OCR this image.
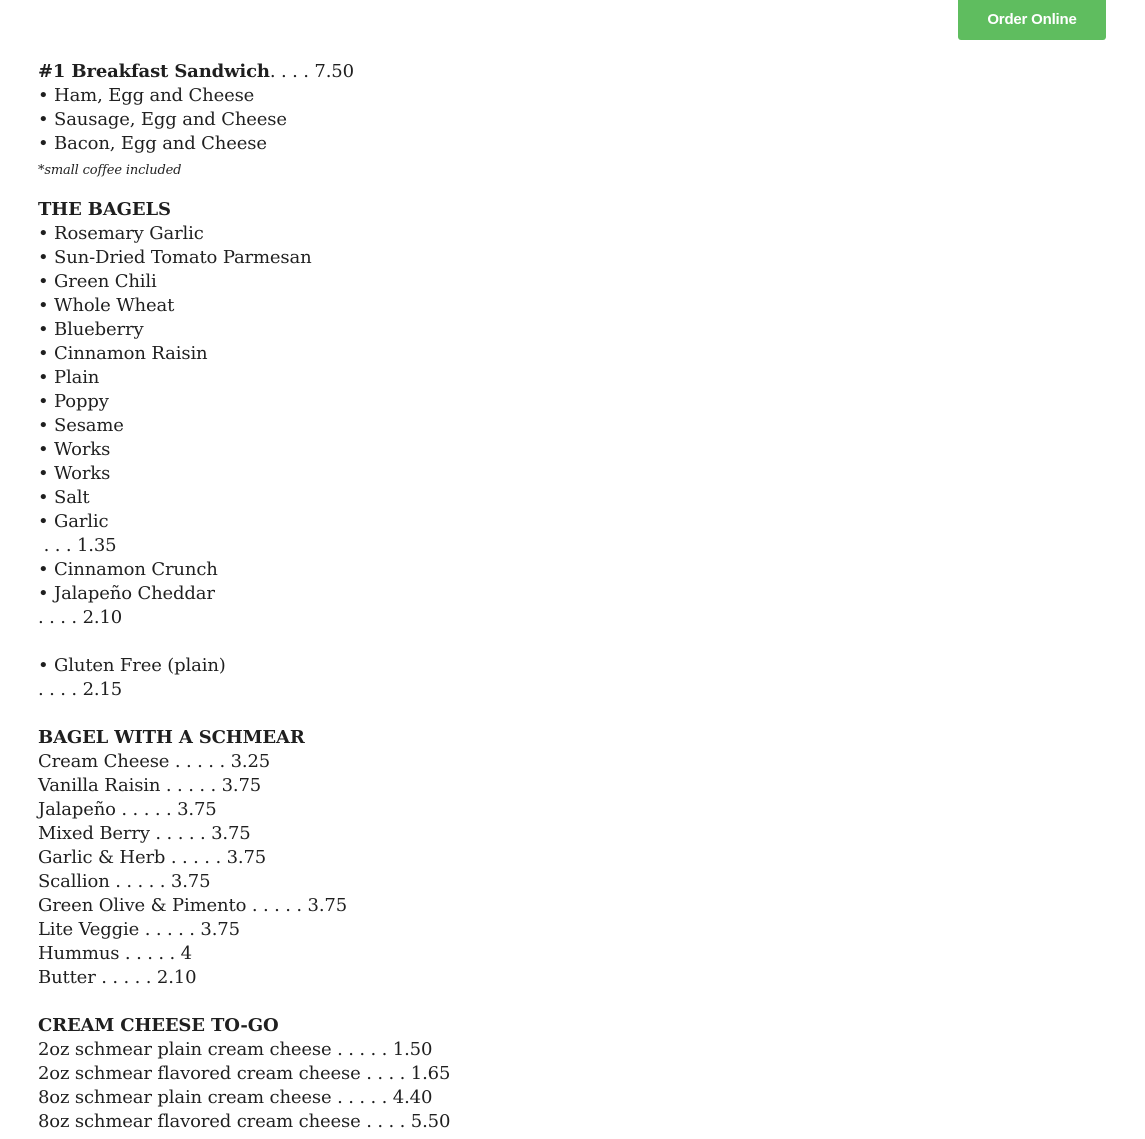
Order Online
#1 Breakfast Sandwich. . . . 7.50
• Ham, Egg and Cheese
• Sausage, Egg and Cheese
• Bacon, Egg and Cheese
*small coffee included
THE BAGELS
• Rosemary Garlic
• Sun-Dried Tomato Parmesan
• Green Chili
• Whole Wheat
• Blueberry
• Cinnamon Raisin
• Plain
• Poppy
• Sesame
• Works
• Works
• Salt
• Garlic
. . . 1.35
• Cinnamon Crunch
• Jalapeño Cheddar
. . . . 2.10
• Gluten Free (plain)
. . . . 2.15
BAGEL WITH A SCHMEAR
Cream Cheese . . . . . 3.25
Vanilla Raisin . . . . . 3.75
Jalapeño . . . . . 3.75
Mixed Berry . . . . . 3.75
Garlic & Herb . . . . . 3.75
Scallion . . . . . 3.75
Green Olive & Pimento . . . . . 3.75
Lite Veggie . . . . . 3.75
Hummus . . . . . 4
Butter . . . . . 2.10
CREAM CHEESE TO-GO
2oz schmear plain cream cheese . . . . . 1.50
2oz schmear flavored cream cheese . . . . 1.65
8oz schmear plain cream cheese . . . . . 4.40
8oz schmear flavored cream cheese . . . . 5.50
